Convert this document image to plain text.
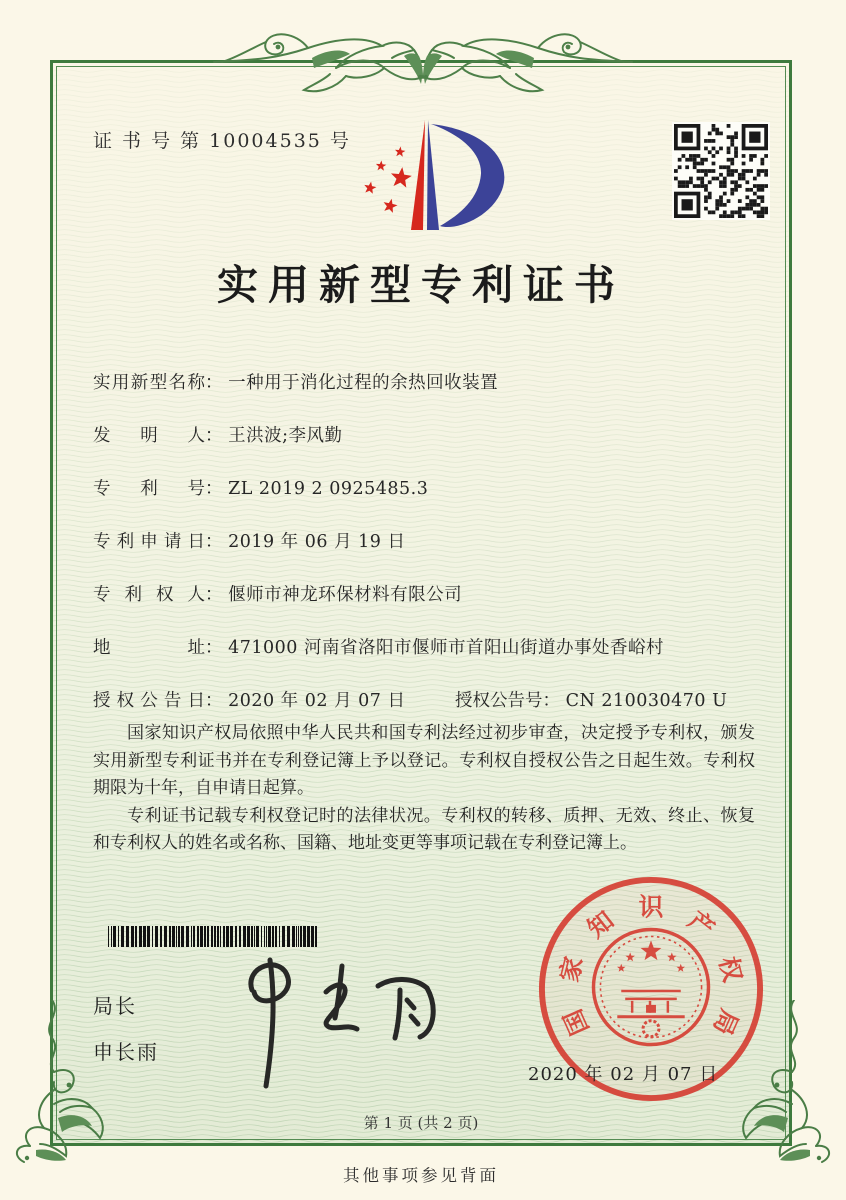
证 书 号 第 10004535 号
实用新型专利证书
实用新型名称： 一种用于消化过程的余热回收装置
发明人： 王洪波;李风勤
专利号： ZL 2019 2 0925485.3
专利申请日： 2019 年 06 月 19 日
专利权人： 偃师市神龙环保材料有限公司
地址： 471000 河南省洛阳市偃师市首阳山街道办事处香峪村
授权公告日： 2020 年 02 月 07 日	授权公告号： CN 210030470 U

国家知识产权局依照中华人民共和国专利法经过初步审查，决定授予专利权，颁发实用新型专利证书并在专利登记簿上予以登记。专利权自授权公告之日起生效。专利权期限为十年，自申请日起算。

专利证书记载专利权登记时的法律状况。专利权的转移、质押、无效、终止、恢复和专利权人的姓名或名称、国籍、地址变更等事项记载在专利登记簿上。

局长
申长雨
国
家
知 识 产
权
局
2020 年 02 月 07 日
第 1 页 (共 2 页)
其他事项参见背面
